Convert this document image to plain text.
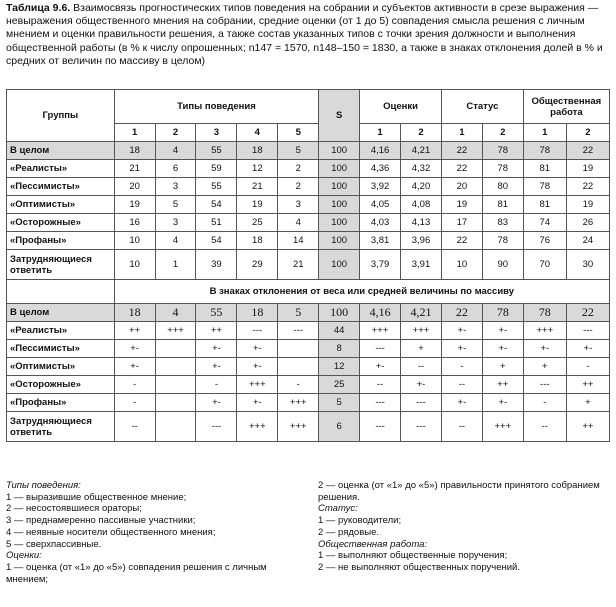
Таблица 9.6. Взаимосвязь прогностических типов поведения на собрании и субъектов активности в срезе выражения — невыражения общественного мнения на собрании, средние оценки (от 1 до 5) совпадения смысла решения с личным мнением и оценки правильности решения, а также состав указанных типов с точки зрения должности и выполнения общественной работы (в % к числу опрошенных; n147 = 1570, n148–150 = 1830, а также в знаках отклонения долей в % и средних от величин по массиву в целом)
Группы	Типы поведения					S	Оценки		Статус		Общественная работа	
	1	2	3	4	5		1	2	1	2	1	2
В целом	18	4	55	18	5	100	4,16	4,21	22	78	78	22
«Реалисты»	21	6	59	12	2	100	4,36	4,32	22	78	81	19
«Пессимисты»	20	3	55	21	2	100	3,92	4,20	20	80	78	22
«Оптимисты»	19	5	54	19	3	100	4,05	4,08	19	81	81	19
«Осторожные»	16	3	51	25	4	100	4,03	4,13	17	83	74	26
«Профаны»	10	4	54	18	14	100	3,81	3,96	22	78	76	24
Затрудняющиеся ответить	10	1	39	29	21	100	3,79	3,91	10	90	70	30
	В знаках отклонения от веса или средней величины по массиву											
В целом	18	4	55	18	5	100	4,16	4,21	22	78	78	22
«Реалисты»	++	+++	++	---	---	44	+++	+++	+-	+-	+++	---
«Пессимисты»	+-		+-	+-		8	---	+	+-	+-	+-	+-
«Оптимисты»	+-		+-	+-		12	+-	--	-	+	+	-
«Осторожные»	-		-	+++	-	25	--	+-	--	++	---	++
«Профаны»	-		+-	+-	+++	5	---	---	+-	+-	-	+
Затрудняющиеся ответить	--		---	+++	+++	6	---	---	--	+++	--	++
Типы поведения:
1 — выразившие общественное мнение;
2 — несостоявшиеся ораторы;
3 — преднамеренно пассивные участники;
4 — неявные носители общественного мнения;
5 — сверхпассивные.
Оценки:
1 — оценка (от «1» до «5») совпадения решения с личным
мнением;
2 — оценка (от «1» до «5») правильности принятого собранием
решения.
Статус:
1 — руководители;
2 — рядовые.
Общественная работа:
1 — выполняют общественные поручения;
2 — не выполняют общественных поручений.
